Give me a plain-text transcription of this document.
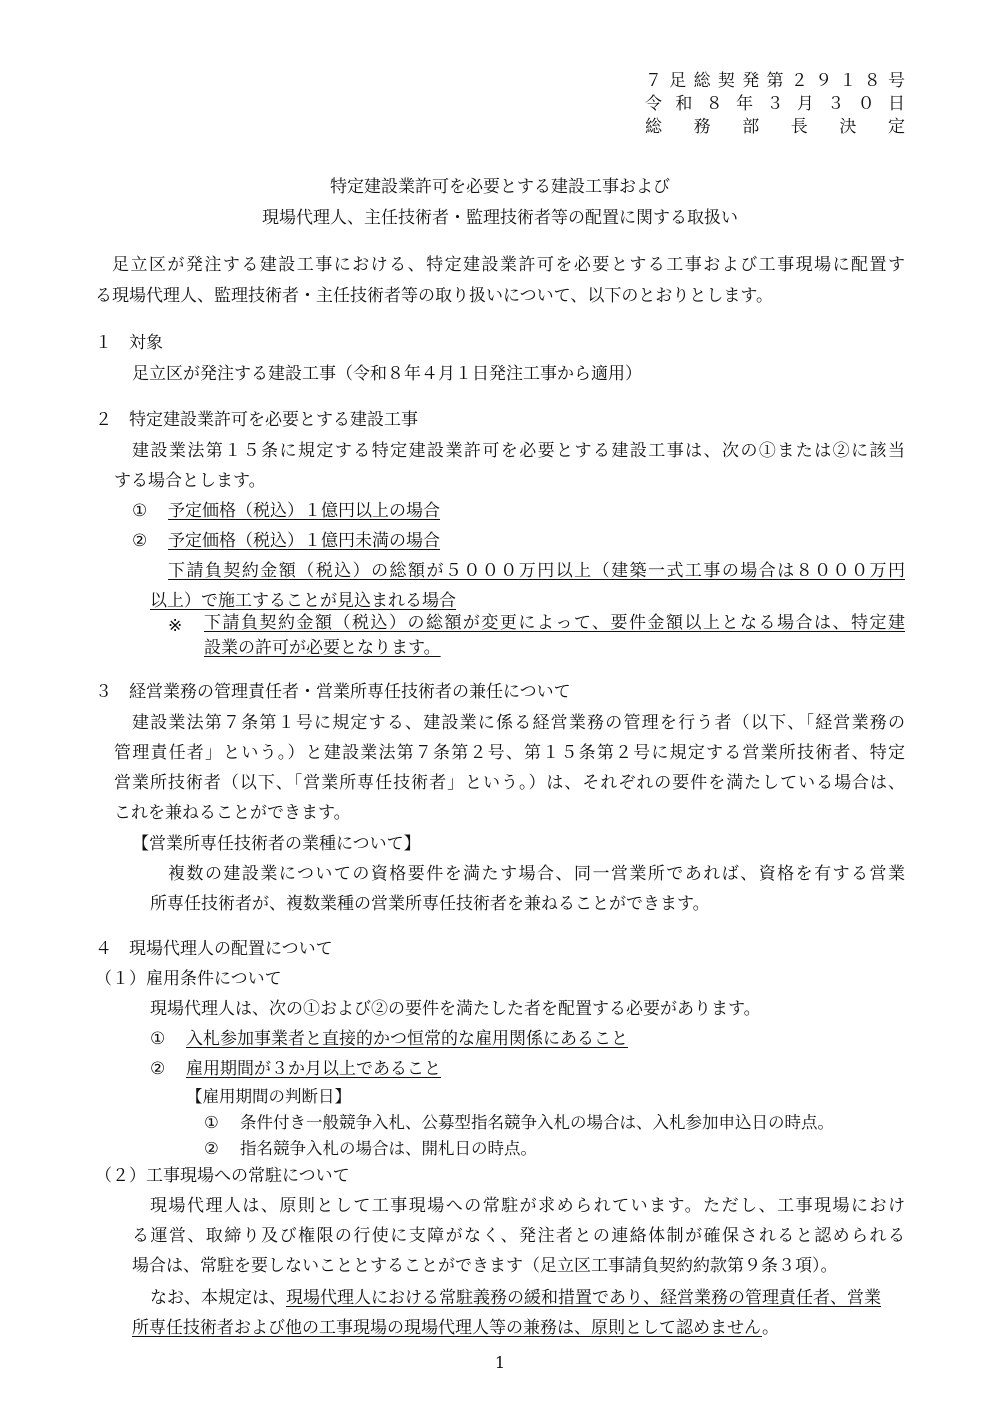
７足総契発第２９１８号
令和８年３月３０日
総務部長決定
特定建設業許可を必要とする建設工事および
現場代理人、主任技術者・監理技術者等の配置に関する取扱い
足立区が発注する建設工事における、特定建設業許可を必要とする工事および工事現場に配置す
る現場代理人、監理技術者・主任技術者等の取り扱いについて、以下のとおりとします。
１　対象
足立区が発注する建設工事（令和８年４月１日発注工事から適用）
２　特定建設業許可を必要とする建設工事
建設業法第１５条に規定する特定建設業許可を必要とする建設工事は、次の①または②に該当
する場合とします。
① 予定価格（税込）１億円以上の場合
② 予定価格（税込）１億円未満の場合
下請負契約金額（税込）の総額が５０００万円以上（建築一式工事の場合は８０００万円
以上）で施工することが見込まれる場合
※ 下請負契約金額（税込）の総額が変更によって、要件金額以上となる場合は、特定建
設業の許可が必要となります。
３　経営業務の管理責任者・営業所専任技術者の兼任について
建設業法第７条第１号に規定する、建設業に係る経営業務の管理を行う者（以下、「経営業務の
管理責任者」という。）と建設業法第７条第２号、第１５条第２号に規定する営業所技術者、特定
営業所技術者（以下、「営業所専任技術者」という。）は、それぞれの要件を満たしている場合は、
これを兼ねることができます。
【営業所専任技術者の業種について】
複数の建設業についての資格要件を満たす場合、同一営業所であれば、資格を有する営業
所専任技術者が、複数業種の営業所専任技術者を兼ねることができます。
４　現場代理人の配置について
（１）雇用条件について
現場代理人は、次の①および②の要件を満たした者を配置する必要があります。
① 入札参加事業者と直接的かつ恒常的な雇用関係にあること
② 雇用期間が３か月以上であること
【雇用期間の判断日】
① 条件付き一般競争入札、公募型指名競争入札の場合は、入札参加申込日の時点。
② 指名競争入札の場合は、開札日の時点。
（２）工事現場への常駐について
現場代理人は、原則として工事現場への常駐が求められています。ただし、工事現場におけ
る運営、取締り及び権限の行使に支障がなく、発注者との連絡体制が確保されると認められる
場合は、常駐を要しないこととすることができます（足立区工事請負契約約款第９条３項）。
なお、本規定は、現場代理人における常駐義務の緩和措置であり、経営業務の管理責任者、営業
所専任技術者および他の工事現場の現場代理人等の兼務は、原則として認めません。
1
